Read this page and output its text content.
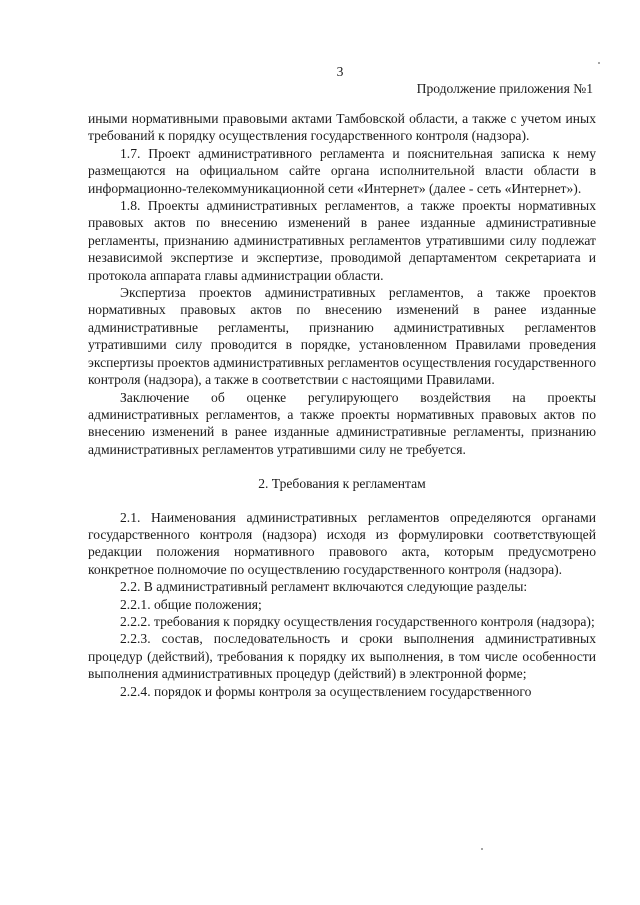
3
Продолжение приложения №1

иными нормативными правовыми актами Тамбовской области, а также с учетом иных требований к порядку осуществления государственного контроля (надзора).

1.7. Проект административного регламента и пояснительная записка к нему размещаются на официальном сайте органа исполнительной власти области в информационно-телекоммуникационной сети «Интернет» (далее - сеть «Интернет»).

1.8. Проекты административных регламентов, а также проекты нормативных правовых актов по внесению изменений в ранее изданные административные регламенты, признанию административных регламентов утратившими силу подлежат независимой экспертизе и экспертизе, проводимой департаментом секретариата и протокола аппарата главы администрации области.

Экспертиза проектов административных регламентов, а также проектов нормативных правовых актов по внесению изменений в ранее изданные административные регламенты, признанию административных регламентов утратившими силу проводится в порядке, установленном Правилами проведения экспертизы проектов административных регламентов осуществления государственного контроля (надзора), а также в соответствии с настоящими Правилами.

Заключение об оценке регулирующего воздействия на проекты административных регламентов, а также проекты нормативных правовых актов по внесению изменений в ранее изданные административные регламенты, признанию административных регламентов утратившими силу не требуется.

2. Требования к регламентам

2.1. Наименования административных регламентов определяются органами государственного контроля (надзора) исходя из формулировки соответствующей редакции положения нормативного правового акта, которым предусмотрено конкретное полномочие по осуществлению государственного контроля (надзора).

2.2. В административный регламент включаются следующие разделы:

2.2.1. общие положения;

2.2.2. требования к порядку осуществления государственного контроля (надзора);

2.2.3. состав, последовательность и сроки выполнения административных процедур (действий), требования к порядку их выполнения, в том числе особенности выполнения административных процедур (действий) в электронной форме;

2.2.4. порядок и формы контроля за осуществлением государственного
